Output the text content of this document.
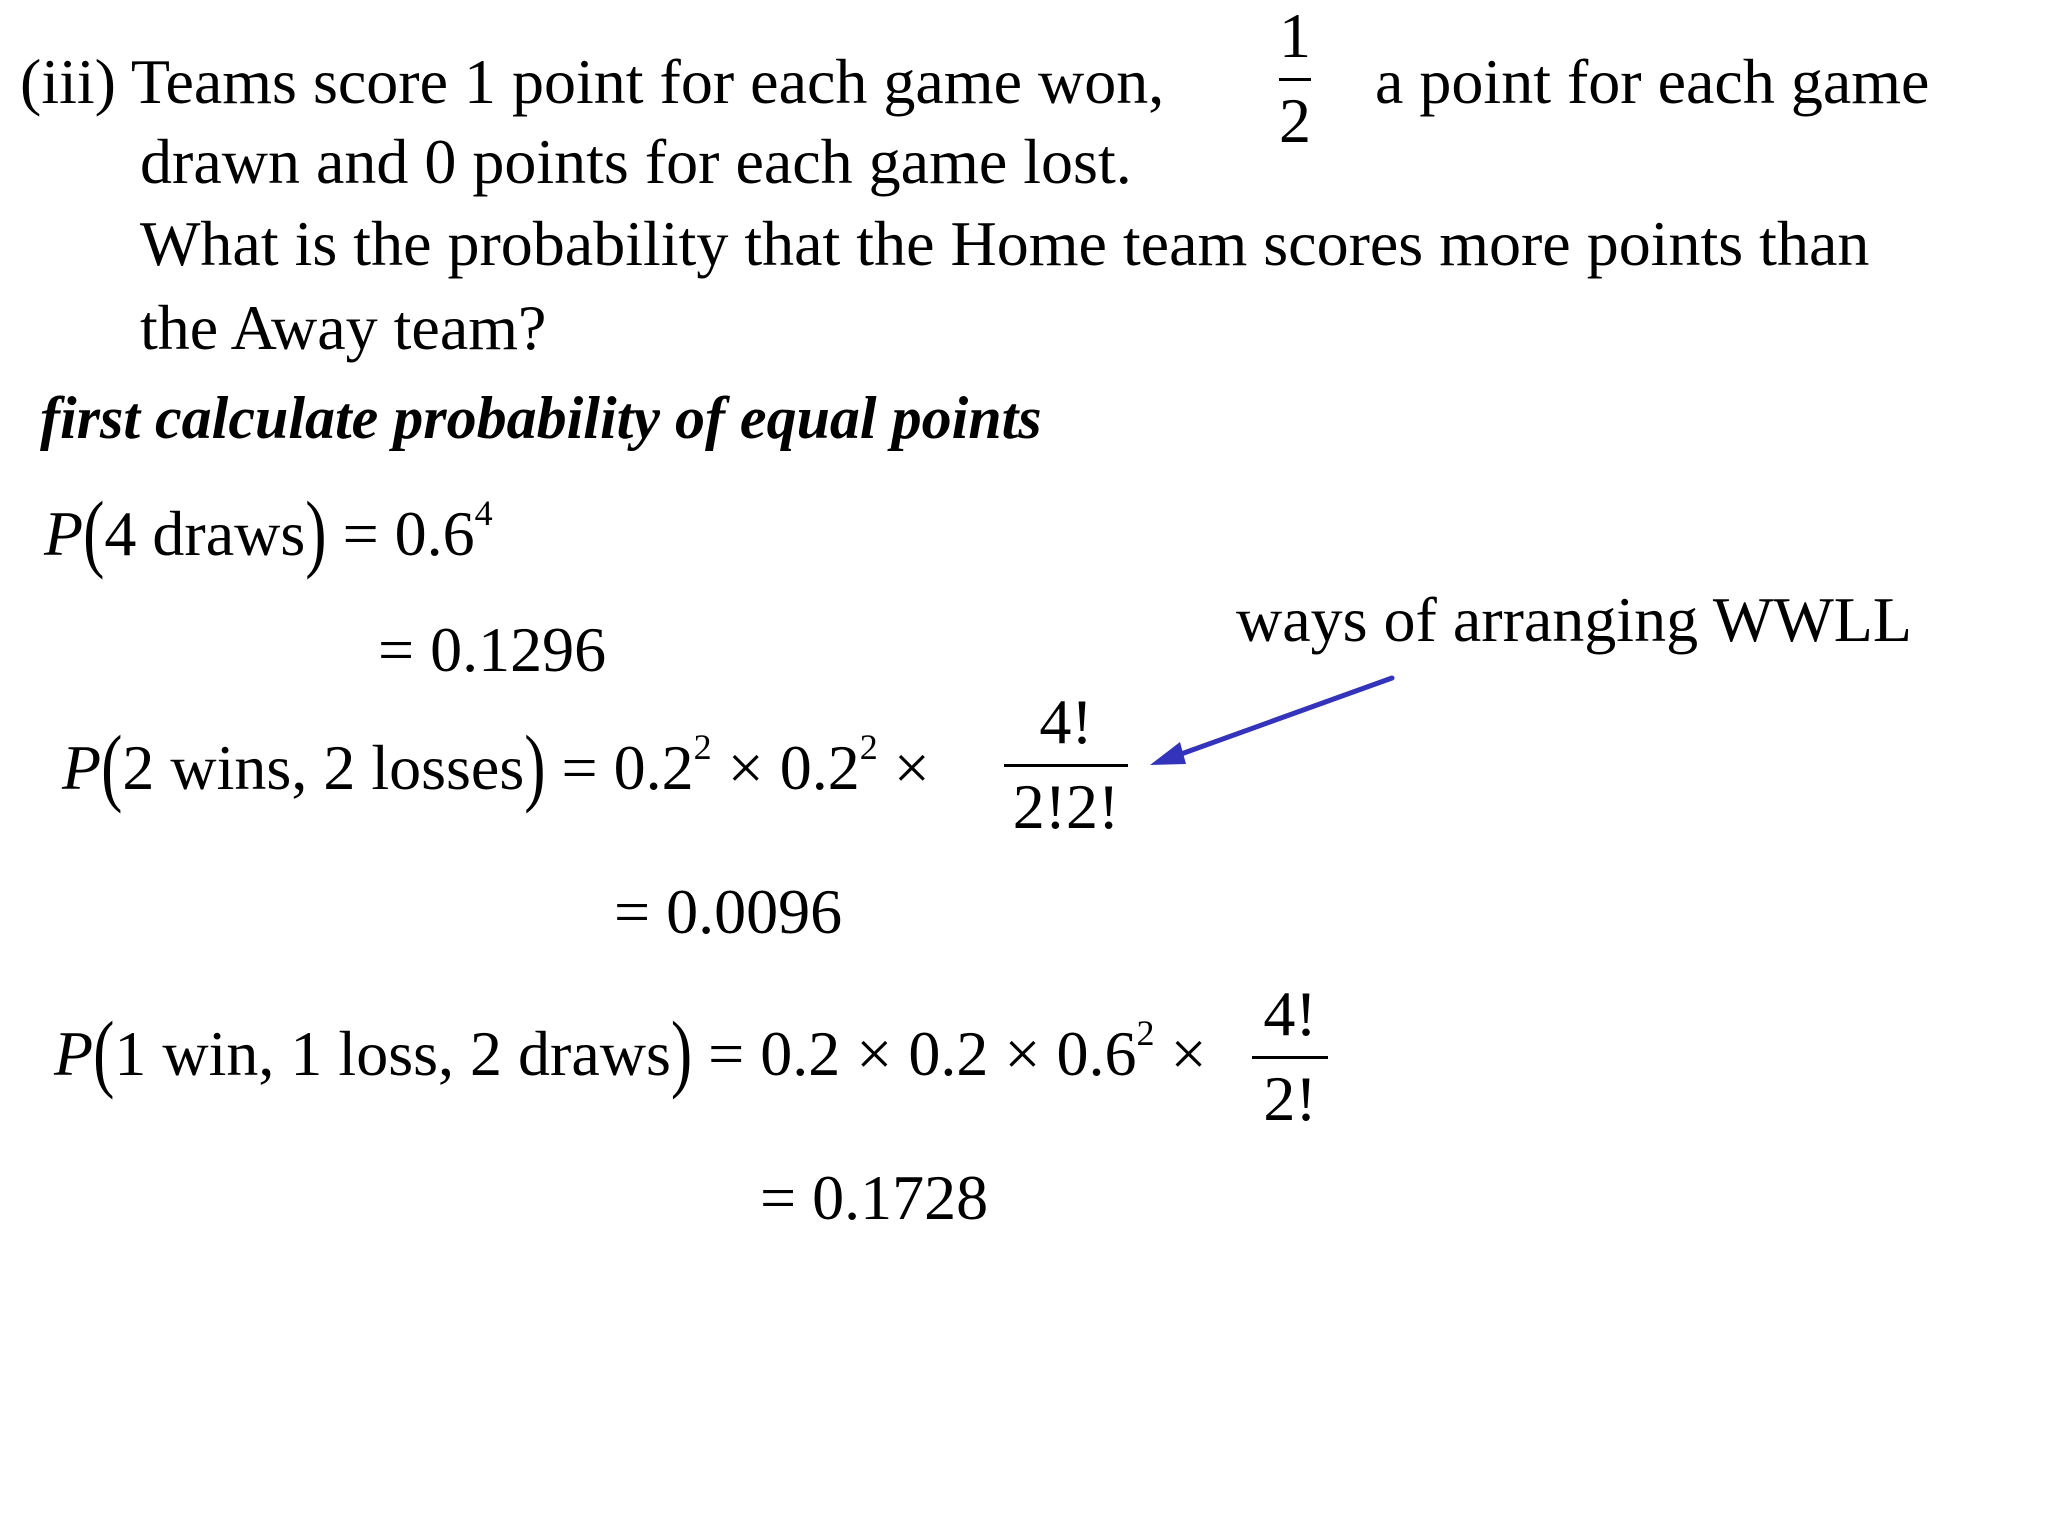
(iii) Teams score 1 point for each game won, $\frac{1}{2}$ a point for each game
drawn and 0 points for each game lost.
What is the probability that the Home team scores more points than
the Away team?
first calculate probability of equal points
P(4 draws) = $0.6^4$
= 0.1296	ways of arranging WWLL
P(2 wins, 2 losses) = $0.2^2 \times 0.2^2 \times \frac{4!}{2!2!}$
= 0.0096
P(1 win, 1 loss, 2 draws) = $0.2 \times 0.2 \times 0.6^2 \times \frac{4!}{2!}$
= 0.1728
